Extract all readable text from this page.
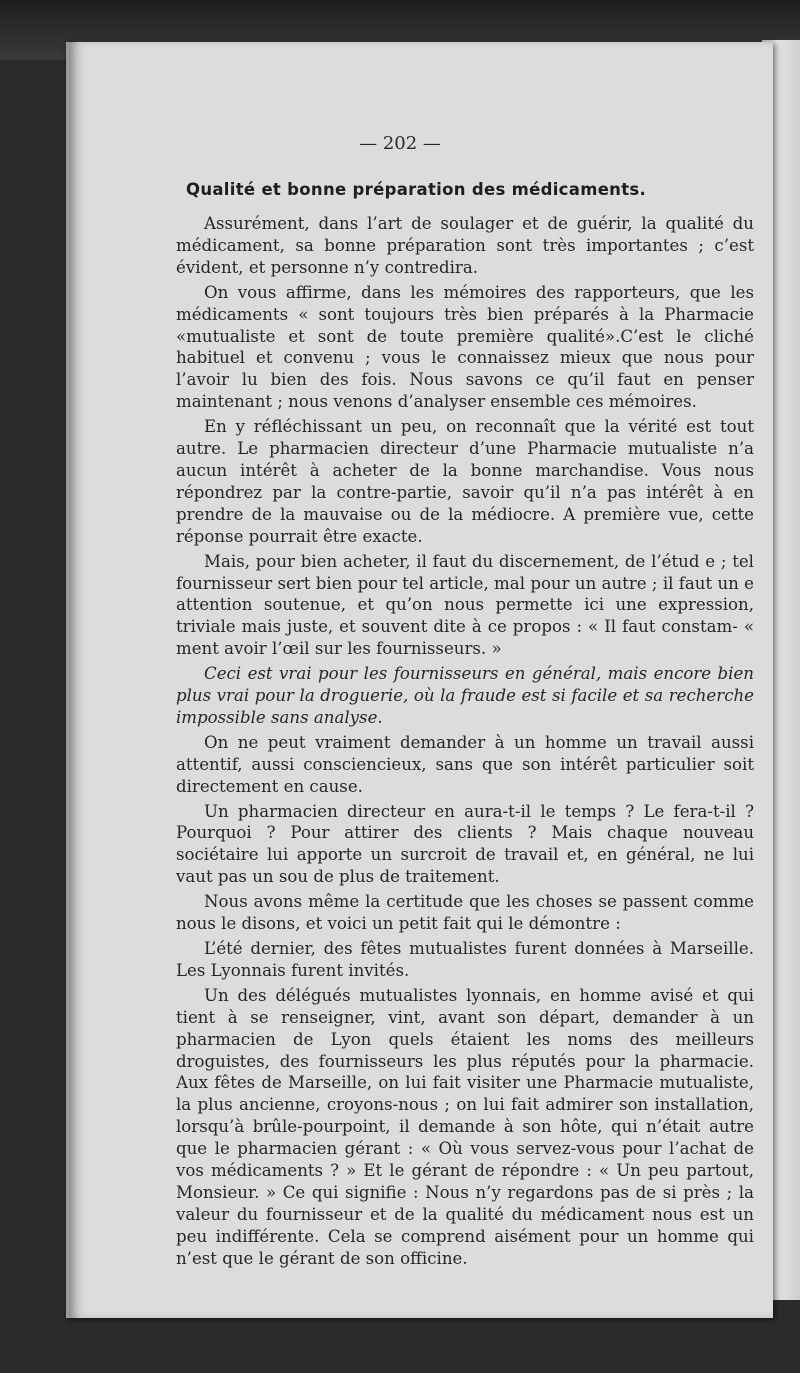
— 202 —
Qualité et bonne préparation des médicaments.

Assurément, dans l’art de soulager et de guérir, la qualité du médicament, sa bonne préparation sont très importantes ; c’est évident, et personne n’y contredira.

On vous affirme, dans les mémoires des rapporteurs, que les médicaments « sont toujours très bien préparés à la Pharmacie «mutualiste et sont de toute première qualité».C’est le cliché habituel et convenu ; vous le connaissez mieux que nous pour l’avoir lu bien des fois. Nous savons ce qu’il faut en penser maintenant ; nous venons d’analyser ensemble ces mémoires.

En y réfléchissant un peu, on reconnaît que la vérité est tout autre. Le pharmacien directeur d’une Pharmacie mutualiste n’a aucun intérêt à acheter de la bonne marchandise. Vous nous répondrez par la contre-partie, savoir qu’il n’a pas intérêt à en prendre de la mauvaise ou de la médiocre. A première vue, cette réponse pourrait être exacte.

Mais, pour bien acheter, il faut du discernement, de l’étud e ; tel fournisseur sert bien pour tel article, mal pour un autre ; il faut un e attention soutenue, et qu’on nous permette ici une expression, triviale mais juste, et souvent dite à ce propos : « Il faut constam- « ment avoir l’œil sur les fournisseurs. »

Ceci est vrai pour les fournisseurs en général, mais encore bien plus vrai pour la droguerie, où la fraude est si facile et sa recherche impossible sans analyse.

On ne peut vraiment demander à un homme un travail aussi attentif, aussi consciencieux, sans que son intérêt particulier soit directement en cause.

Un pharmacien directeur en aura-t-il le temps ? Le fera-t-il ? Pourquoi ? Pour attirer des clients ? Mais chaque nouveau sociétaire lui apporte un surcroit de travail et, en général, ne lui vaut pas un sou de plus de traitement.

Nous avons même la certitude que les choses se passent comme nous le disons, et voici un petit fait qui le démontre :

L’été dernier, des fêtes mutualistes furent données à Marseille. Les Lyonnais furent invités.

Un des délégués mutualistes lyonnais, en homme avisé et qui tient à se renseigner, vint, avant son départ, demander à un pharmacien de Lyon quels étaient les noms des meilleurs droguistes, des fournisseurs les plus réputés pour la pharmacie. Aux fêtes de Marseille, on lui fait visiter une Pharmacie mutualiste, la plus ancienne, croyons-nous ; on lui fait admirer son installation, lorsqu’à brûle-pourpoint, il demande à son hôte, qui n’était autre que le pharmacien gérant : « Où vous servez-vous pour l’achat de vos médicaments ? » Et le gérant de répondre : « Un peu partout, Monsieur. » Ce qui signifie : Nous n’y regardons pas de si près ; la valeur du fournisseur et de la qualité du médicament nous est un peu indifférente. Cela se comprend aisément pour un homme qui n’est que le gérant de son officine.
